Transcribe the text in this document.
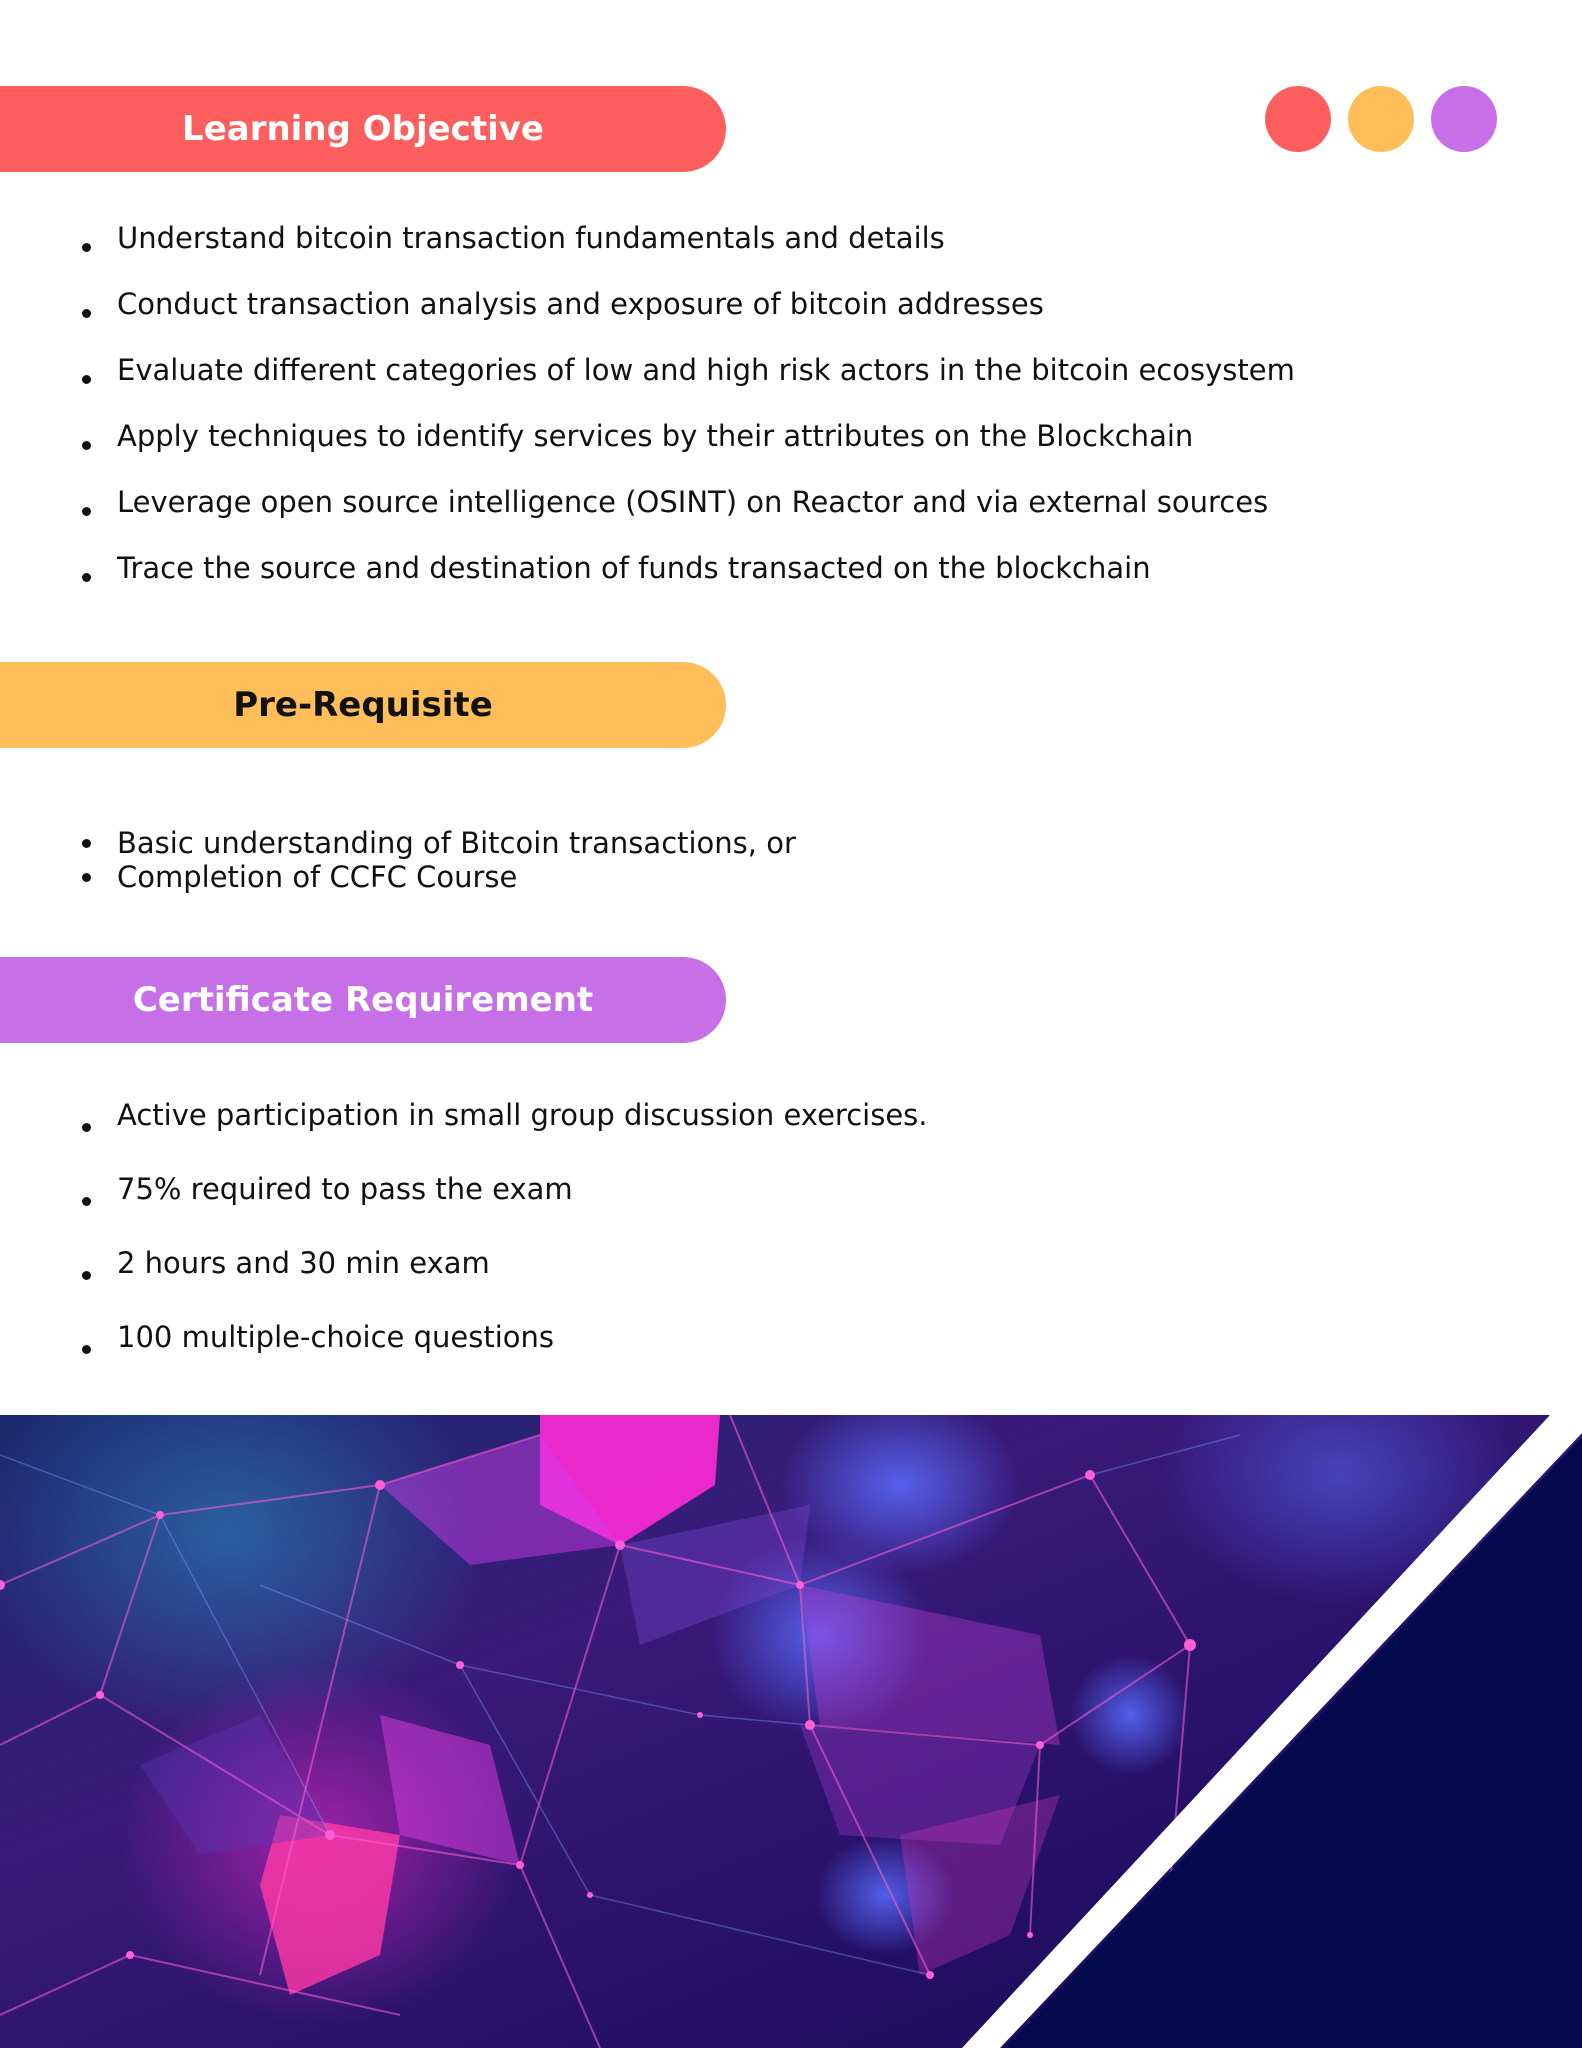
Learning Objective
Understand bitcoin transaction fundamentals and details
Conduct transaction analysis and exposure of bitcoin addresses
Evaluate different categories of low and high risk actors in the bitcoin ecosystem
Apply techniques to identify services by their attributes on the Blockchain
Leverage open source intelligence (OSINT) on Reactor and via external sources
Trace the source and destination of funds transacted on the blockchain
Pre-Requisite
Basic understanding of Bitcoin transactions, or
Completion of CCFC Course
Certificate Requirement
Active participation in small group discussion exercises.
75% required to pass the exam
2 hours and 30 min exam
100 multiple-choice questions
